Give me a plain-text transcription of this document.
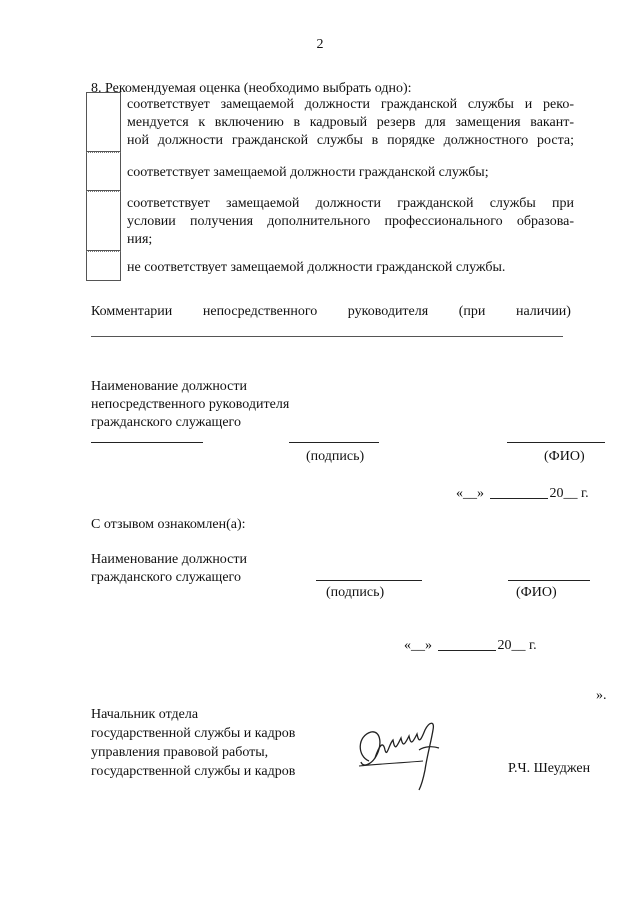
2
8. Рекомендуемая оценка (необходимо выбрать одно):
соответствует замещаемой должности гражданской службы и реко-
мендуется к включению в кадровый резерв для замещения вакант-
ной должности гражданской службы в порядке должностного роста;
соответствует замещаемой должности гражданской службы;
соответствует замещаемой должности гражданской службы при
условии получения дополнительного профессионального образова-
ния;
не соответствует замещаемой должности гражданской службы.
Комментарии непосредственного руководителя (при наличии)
Наименование должности
непосредственного руководителя
гражданского служащего
(подпись)	(ФИО)
«__»	20__ г.
С отзывом ознакомлен(а):
Наименование должности
гражданского служащего
(подпись)	(ФИО)
«__»	20__ г.
».
Начальник отдела
государственной службы и кадров
управления правовой работы,
государственной службы и кадров	Р.Ч. Шеуджен
